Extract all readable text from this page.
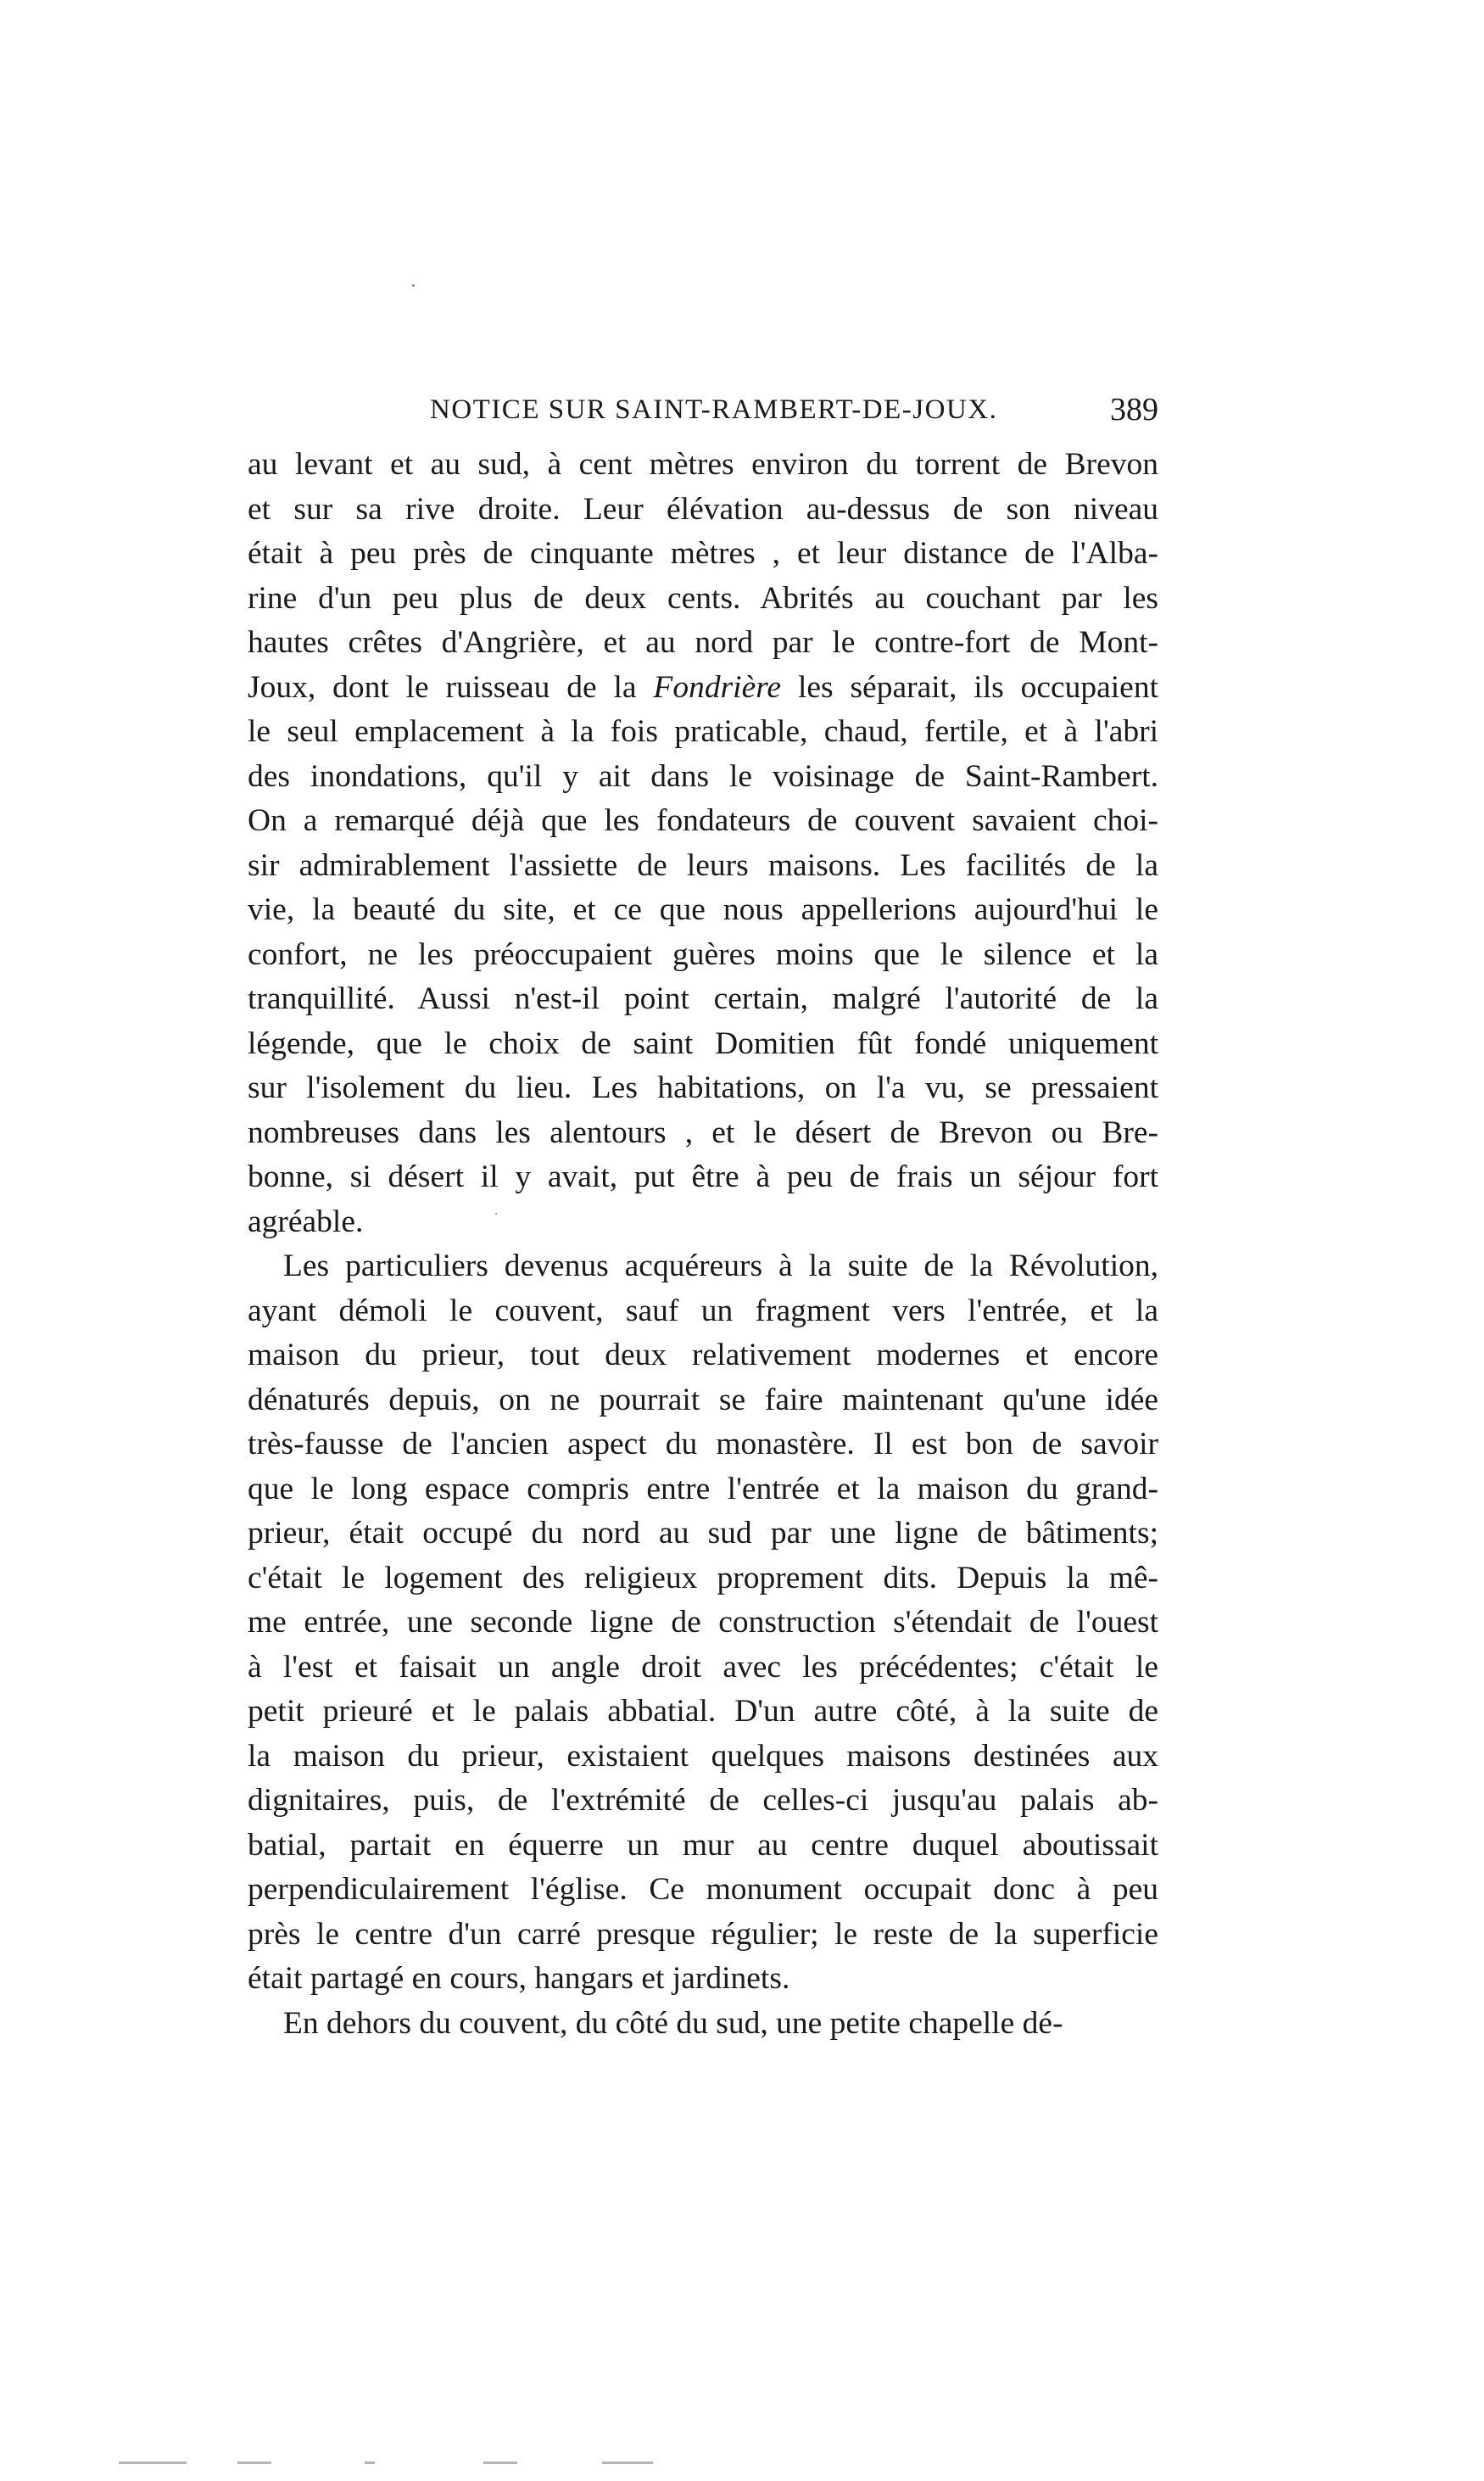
NOTICE SUR SAINT-RAMBERT-DE-JOUX.	389
au levant et au sud, à cent mètres environ du torrent de Brevon
et sur sa rive droite. Leur élévation au-dessus de son niveau
était à peu près de cinquante mètres , et leur distance de l'Alba-
rine d'un peu plus de deux cents. Abrités au couchant par les
hautes crêtes d'Angrière, et au nord par le contre-fort de Mont-
Joux, dont le ruisseau de la Fondrière les séparait, ils occupaient
le seul emplacement à la fois praticable, chaud, fertile, et à l'abri
des inondations, qu'il y ait dans le voisinage de Saint-Rambert.
On a remarqué déjà que les fondateurs de couvent savaient choi-
sir admirablement l'assiette de leurs maisons. Les facilités de la
vie, la beauté du site, et ce que nous appellerions aujourd'hui le
confort, ne les préoccupaient guères moins que le silence et la
tranquillité. Aussi n'est-il point certain, malgré l'autorité de la
légende, que le choix de saint Domitien fût fondé uniquement
sur l'isolement du lieu. Les habitations, on l'a vu, se pressaient
nombreuses dans les alentours , et le désert de Brevon ou Bre-
bonne, si désert il y avait, put être à peu de frais un séjour fort
agréable.
Les particuliers devenus acquéreurs à la suite de la Révolution,
ayant démoli le couvent, sauf un fragment vers l'entrée, et la
maison du prieur, tout deux relativement modernes et encore
dénaturés depuis, on ne pourrait se faire maintenant qu'une idée
très-fausse de l'ancien aspect du monastère. Il est bon de savoir
que le long espace compris entre l'entrée et la maison du grand-
prieur, était occupé du nord au sud par une ligne de bâtiments;
c'était le logement des religieux proprement dits. Depuis la mê-
me entrée, une seconde ligne de construction s'étendait de l'ouest
à l'est et faisait un angle droit avec les précédentes; c'était le
petit prieuré et le palais abbatial. D'un autre côté, à la suite de
la maison du prieur, existaient quelques maisons destinées aux
dignitaires, puis, de l'extrémité de celles-ci jusqu'au palais ab-
batial, partait en équerre un mur au centre duquel aboutissait
perpendiculairement l'église. Ce monument occupait donc à peu
près le centre d'un carré presque régulier; le reste de la superficie
était partagé en cours, hangars et jardinets.
En dehors du couvent, du côté du sud, une petite chapelle dé-
